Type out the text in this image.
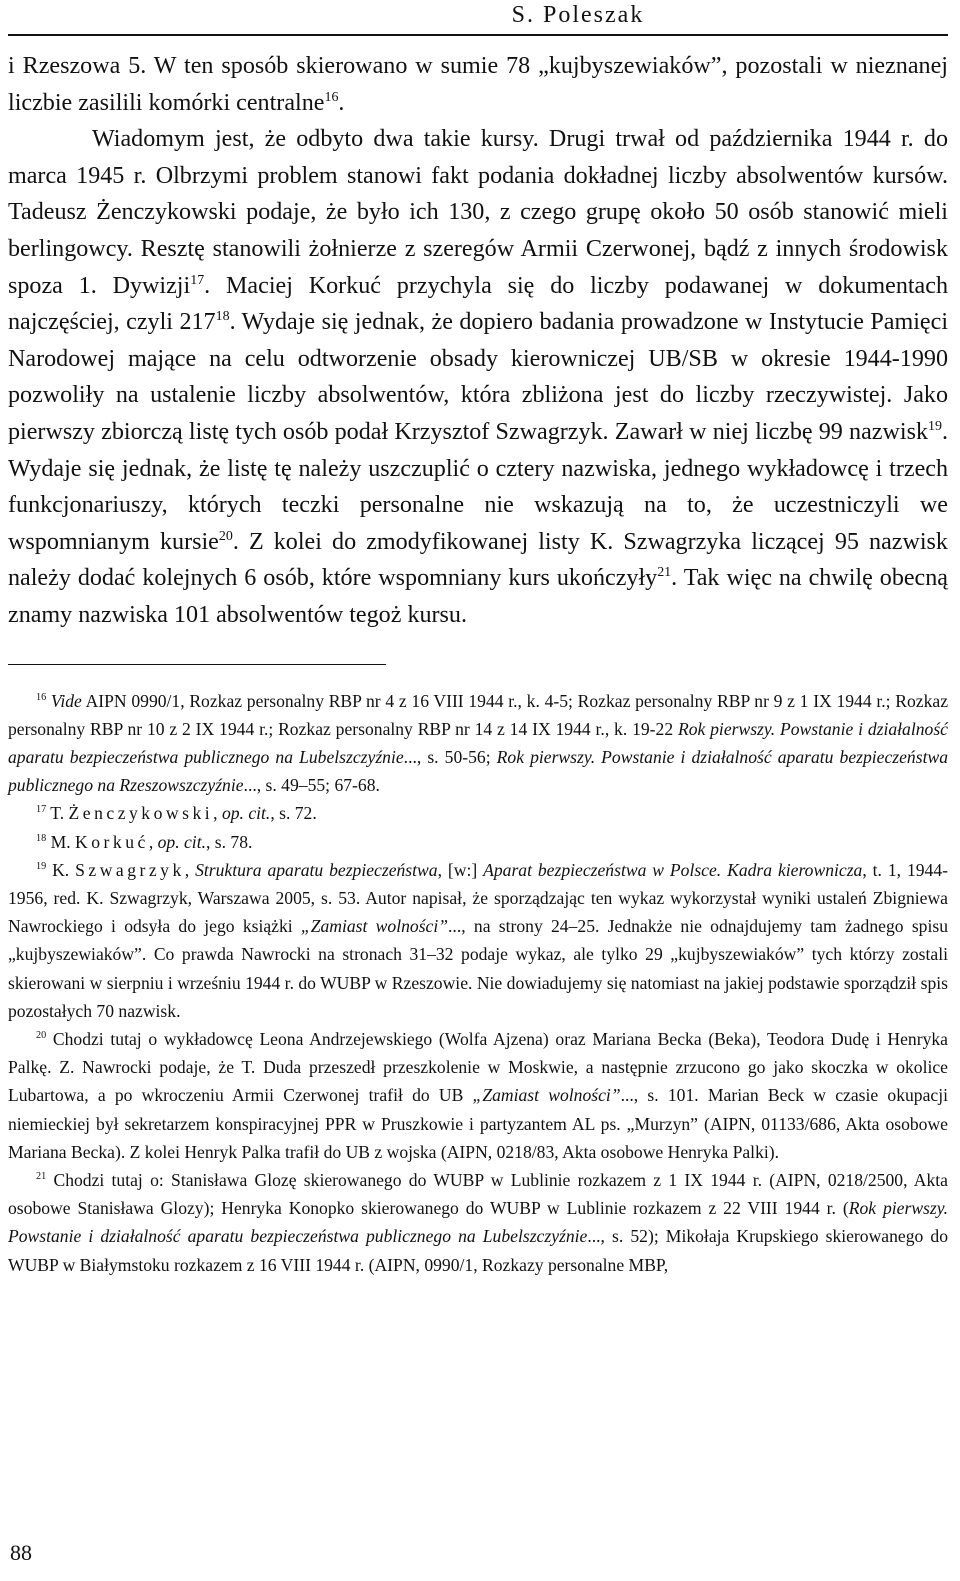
S. Poleszak

i Rzeszowa 5. W ten sposób skierowano w sumie 78 „kujbyszewiaków”, pozostali w nieznanej liczbie zasilili komórki centralne$^{16}$.

Wiadomym jest, że odbyto dwa takie kursy. Drugi trwał od października 1944 r. do marca 1945 r. Olbrzymi problem stanowi fakt podania dokładnej liczby absolwentów kursów. Tadeusz Żenczykowski podaje, że było ich 130, z czego grupę około 50 osób stanowić mieli berlingowcy. Resztę stanowili żołnierze z szeregów Armii Czerwonej, bądź z innych środowisk spoza 1. Dywizji$^{17}$. Maciej Korkuć przychyla się do liczby podawanej w dokumentach najczęściej, czyli $217^{18}$. Wydaje się jednak, że dopiero badania prowadzone w Instytucie Pamięci Narodowej mające na celu odtworzenie obsady kierowniczej UB/SB w okresie 1944-1990 pozwoliły na ustalenie liczby absolwentów, która zbliżona jest do liczby rzeczywistej. Jako pierwszy zbiorczą listę tych osób podał Krzysztof Szwagrzyk. Zawarł w niej liczbę 99 nazwisk$^{19}$. Wydaje się jednak, że listę tę należy uszczuplić o cztery nazwiska, jednego wykładowcę i trzech funkcjonariuszy, których teczki personalne nie wskazują na to, że uczestniczyli we wspomnianym kursie$^{20}$. Z kolei do zmodyfikowanej listy K. Szwagrzyka liczącej 95 nazwisk należy dodać kolejnych 6 osób, które wspomniany kurs ukończyły$^{21}$. Tak więc na chwilę obecną znamy nazwiska 101 absolwentów tegoż kursu.

$^{16}$ Vide AIPN 0990/1, Rozkaz personalny RBP nr 4 z 16 VIII 1944 r., k. 4-5; Rozkaz personalny RBP nr 9 z 1 IX 1944 r.; Rozkaz personalny RBP nr 10 z 2 IX 1944 r.; Rozkaz personalny RBP nr 14 z 14 IX 1944 r., k. 19-22 Rok pierwszy. Powstanie i działalność aparatu bezpieczeństwa publicznego na Lubelszczyźnie..., s. 50-56; Rok pierwszy. Powstanie i działalność aparatu bezpieczeństwa publicznego na Rzeszowszczyźnie..., s. 49–55; 67-68.

$^{17}$ T. Żenczykowski, op. cit., s. 72.

$^{18}$ M. Korkuć, op. cit., s. 78.

$^{19}$ K. Szwagrzyk, Struktura aparatu bezpieczeństwa, [w:] Aparat bezpieczeństwa w Polsce. Kadra kierownicza, t. 1, 1944-1956, red. K. Szwagrzyk, Warszawa 2005, s. 53. Autor napisał, że sporządzając ten wykaz wykorzystał wyniki ustaleń Zbigniewa Nawrockiego i odsyła do jego książki „Zamiast wolności”..., na strony 24–25. Jednakże nie odnajdujemy tam żadnego spisu „kujbyszewiaków”. Co prawda Nawrocki na stronach 31–32 podaje wykaz, ale tylko 29 „kujbyszewiaków” tych którzy zostali skierowani w sierpniu i wrześniu 1944 r. do WUBP w Rzeszowie. Nie dowiadujemy się natomiast na jakiej podstawie sporządził spis pozostałych 70 nazwisk.

$^{20}$ Chodzi tutaj o wykładowcę Leona Andrzejewskiego (Wolfa Ajzena) oraz Mariana Becka (Beka), Teodora Dudę i Henryka Palkę. Z. Nawrocki podaje, że T. Duda przeszedł przeszkolenie w Moskwie, a następnie zrzucono go jako skoczka w okolice Lubartowa, a po wkroczeniu Armii Czerwonej trafił do UB „Zamiast wolności”..., s. 101. Marian Beck w czasie okupacji niemieckiej był sekretarzem konspiracyjnej PPR w Pruszkowie i partyzantem AL ps. „Murzyn” (AIPN, 01133/686, Akta osobowe Mariana Becka). Z kolei Henryk Palka trafił do UB z wojska (AIPN, 0218/83, Akta osobowe Henryka Palki).

$^{21}$ Chodzi tutaj o: Stanisława Glozę skierowanego do WUBP w Lublinie rozkazem z 1 IX 1944 r. (AIPN, 0218/2500, Akta osobowe Stanisława Glozy); Henryka Konopko skierowanego do WUBP w Lublinie rozkazem z 22 VIII 1944 r. (Rok pierwszy. Powstanie i działalność aparatu bezpieczeństwa publicznego na Lubelszczyźnie..., s. 52); Mikołaja Krupskiego skierowanego do WUBP w Białymstoku rozkazem z 16 VIII 1944 r. (AIPN, 0990/1, Rozkazy personalne MBP,

88
